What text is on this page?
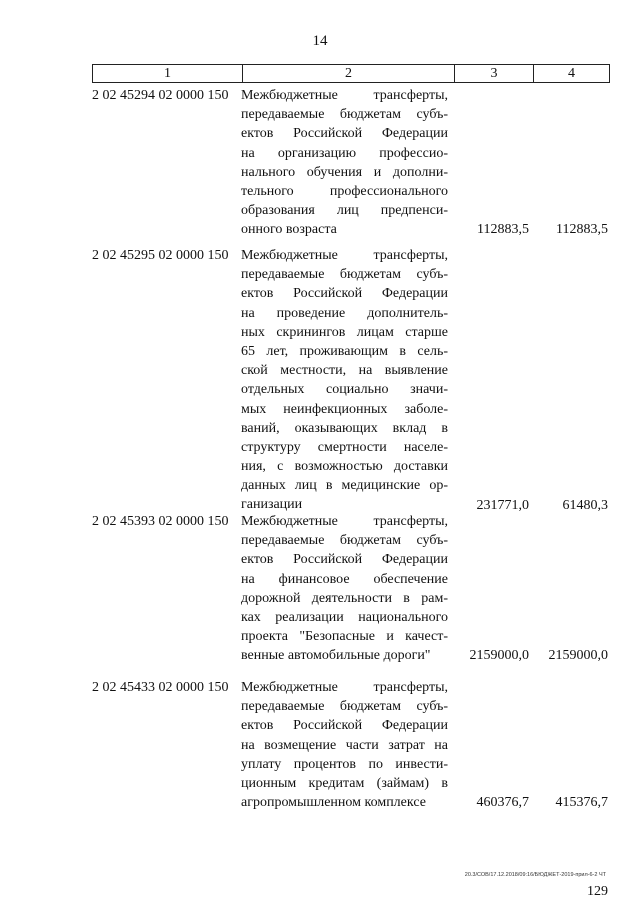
14
1	2	3	4
2 02 45294 02 0000 150 Межбюджетные трансферты,
передаваемые бюджетам субъ-
ектов Российской Федерации
на организацию профессио-
нального обучения и дополни-
тельного профессионального
образования лиц предпенси-
онного возраста	112883,5 112883,5
2 02 45295 02 0000 150 Межбюджетные трансферты,
передаваемые бюджетам субъ-
ектов Российской Федерации
на проведение дополнитель-
ных скринингов лицам старше
65 лет, проживающим в сель-
ской местности, на выявление
отдельных социально значи-
мых неинфекционных заболе-
ваний, оказывающих вклад в
структуру смертности населе-
ния, с возможностью доставки
данных лиц в медицинские ор-
ганизации	231771,0 61480,3
2 02 45393 02 0000 150 Межбюджетные трансферты,
передаваемые бюджетам субъ-
ектов Российской Федерации
на финансовое обеспечение
дорожной деятельности в рам-
ках реализации национального
проекта "Безопасные и качест-
венные автомобильные дороги"	2159000,0 2159000,0
2 02 45433 02 0000 150 Межбюджетные трансферты,
передаваемые бюджетам субъ-
ектов Российской Федерации
на возмещение части затрат на
уплату процентов по инвести-
ционным кредитам (займам) в
агропромышленном комплексе	460376,7 415376,7
20.3/СОВ/17.12.2018/09:16/БЮДЖЕТ-2019-прил-6-2 ЧТ
129
